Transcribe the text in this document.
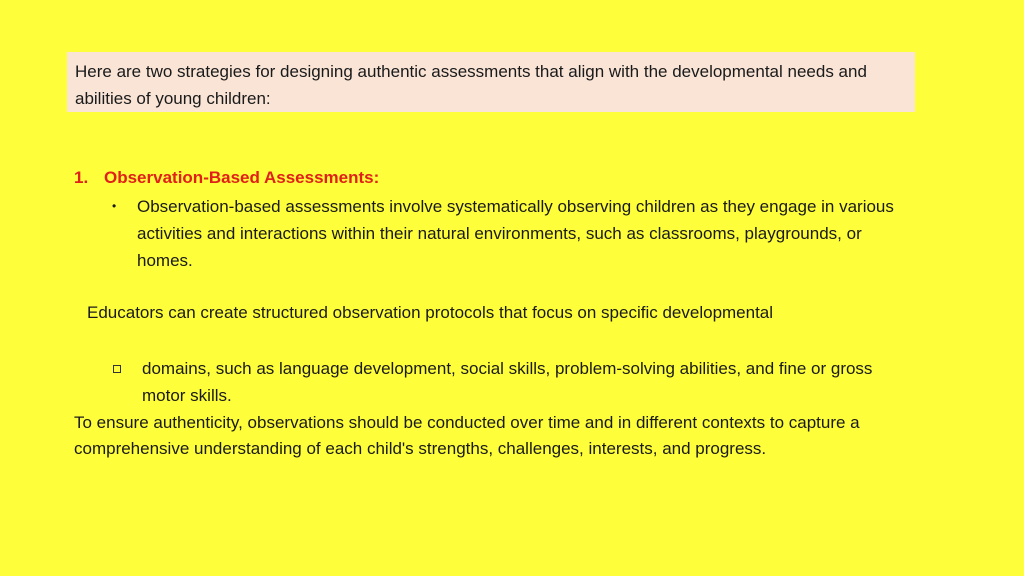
Here are two strategies for designing authentic assessments that align with the developmental needs and abilities of young children:
1. Observation-Based Assessments:
• Observation-based assessments involve systematically observing children as they engage in various activities and interactions within their natural environments, such as classrooms, playgrounds, or homes.
Educators can create structured observation protocols that focus on specific developmental
domains, such as language development, social skills, problem-solving abilities, and fine or gross motor skills.
To ensure authenticity, observations should be conducted over time and in different contexts to capture a comprehensive understanding of each child's strengths, challenges, interests, and progress.
